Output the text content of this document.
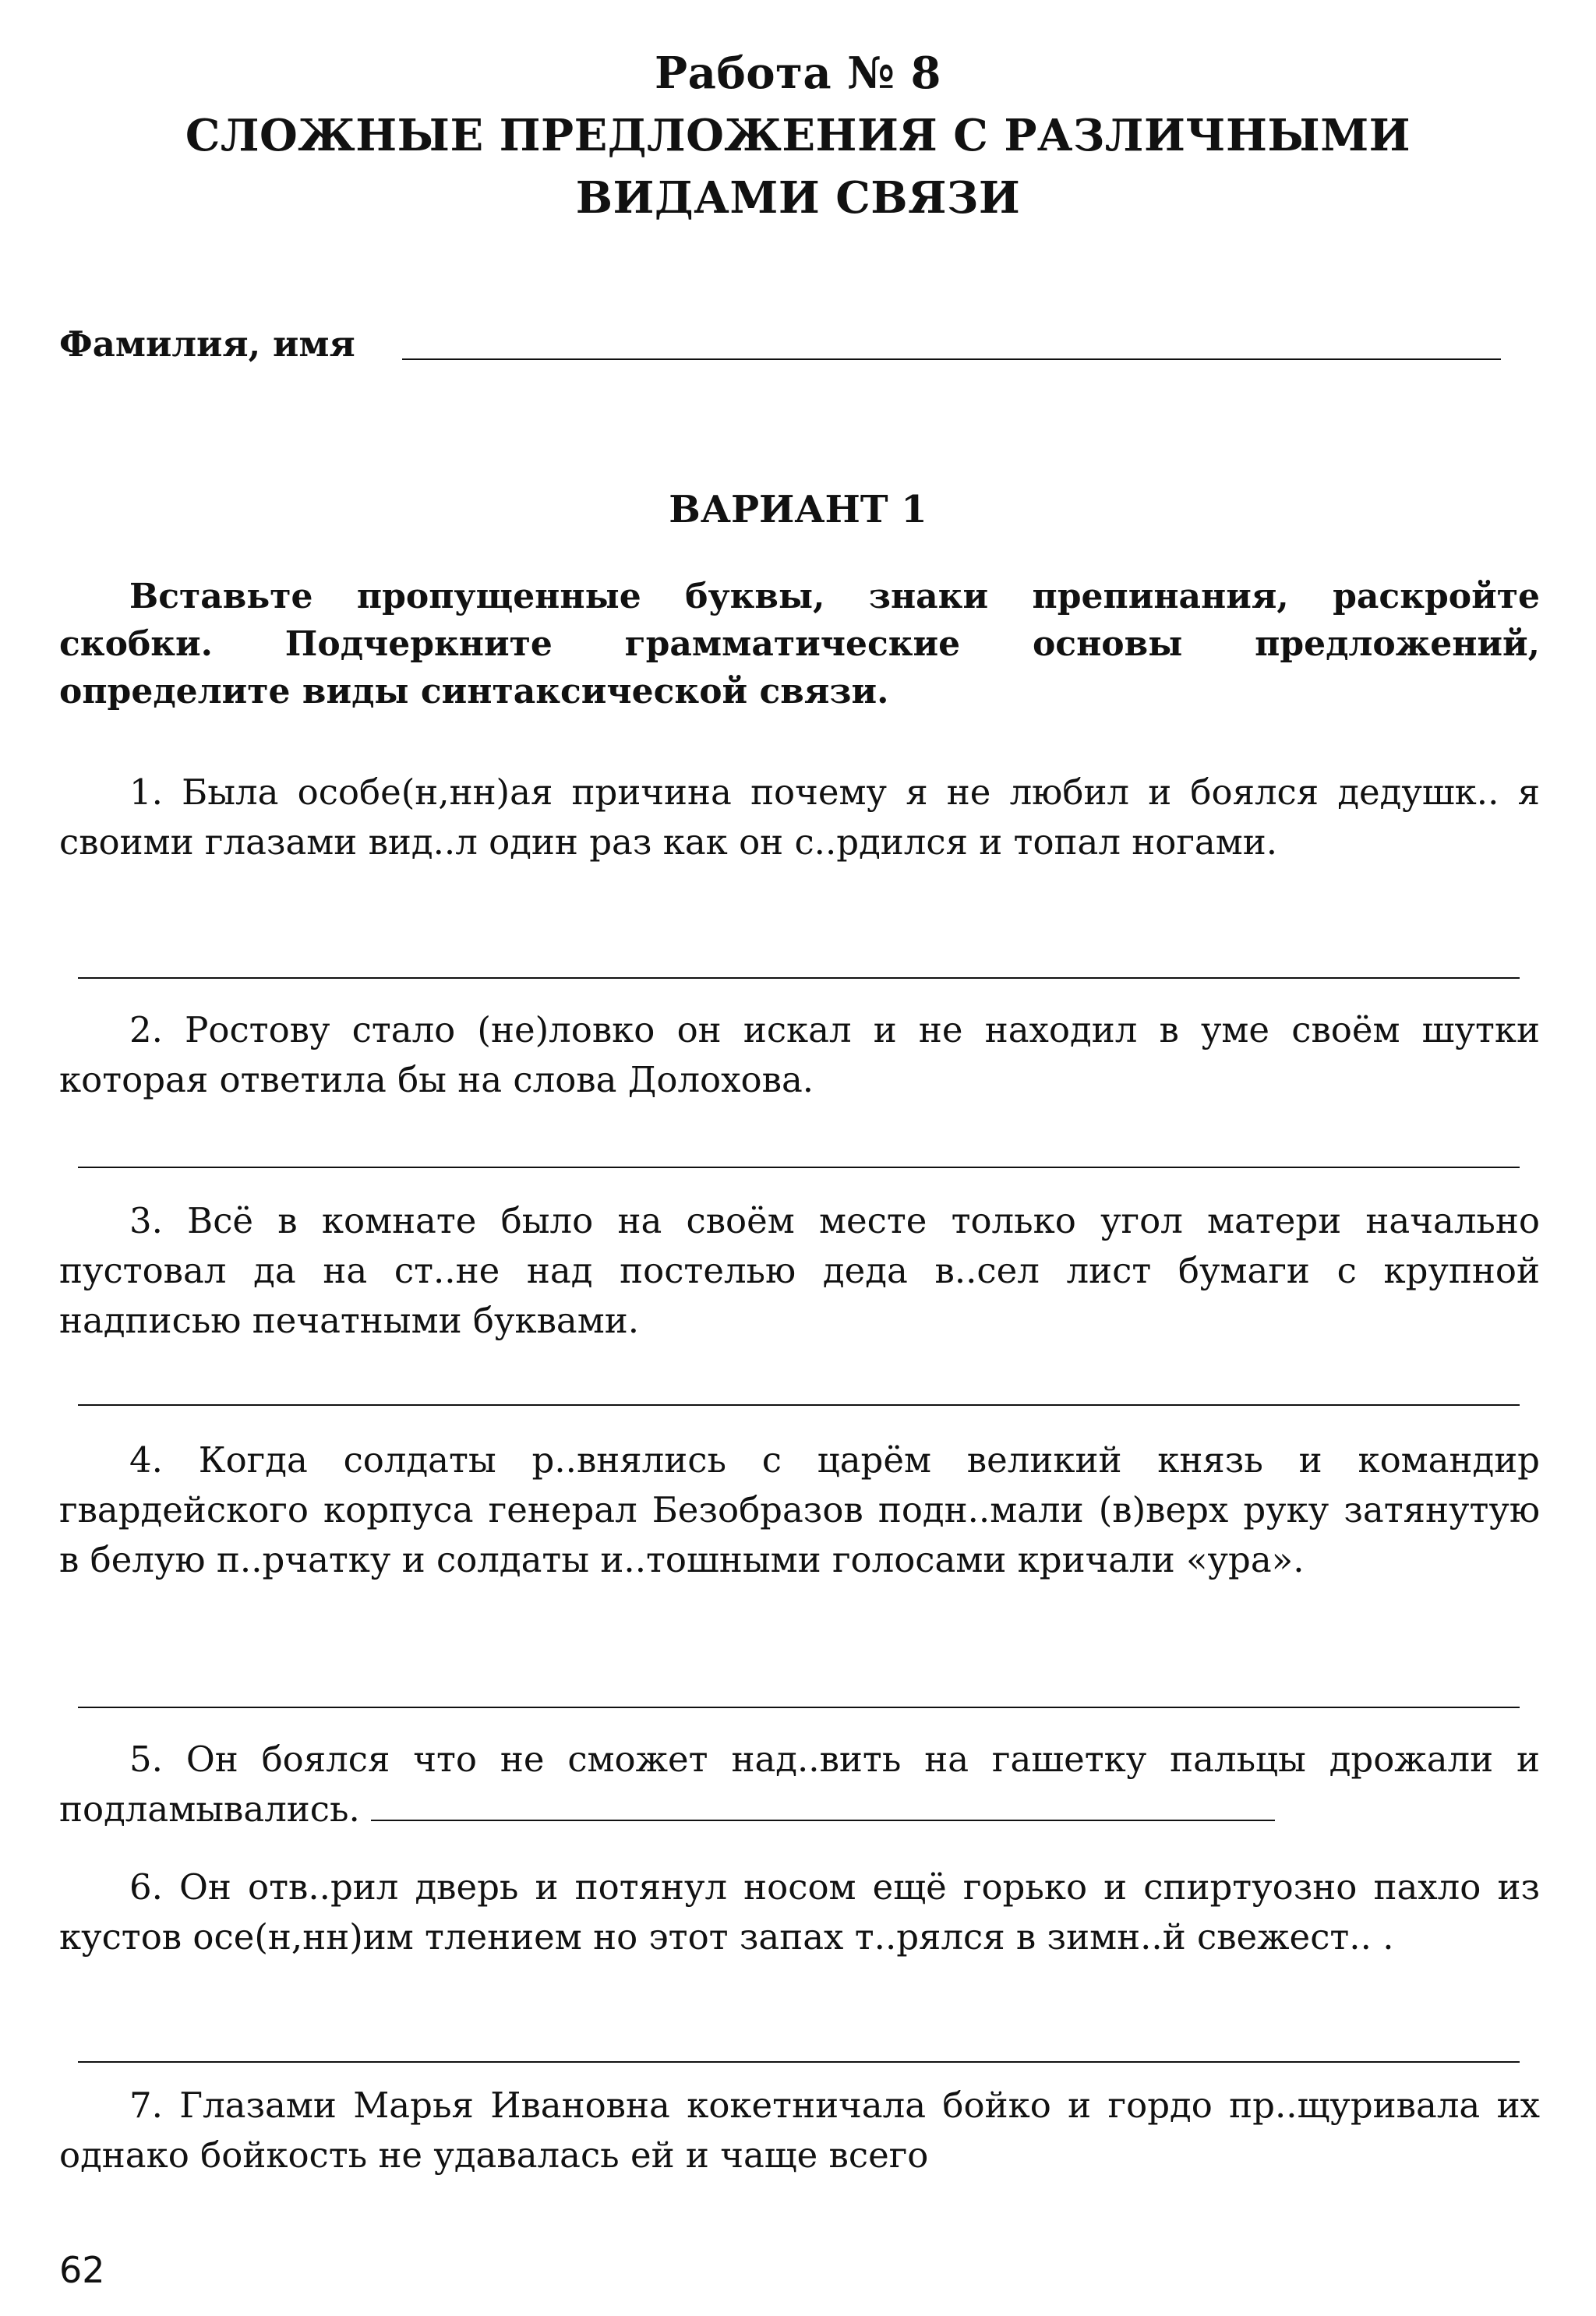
Работа № 8
СЛОЖНЫЕ ПРЕДЛОЖЕНИЯ С РАЗЛИЧНЫМИ
ВИДАМИ СВЯЗИ
Фамилия, имя
ВАРИАНТ 1
Вставьте пропущенные буквы, знаки препинания, раскройте скобки. Подчеркните грамматические основы предложений, определите виды синтаксической связи.
1. Была особе(н,нн)ая причина почему я не любил и боялся дедушк.. я своими глазами вид..л один раз как он с..рдился и топал ногами.
2. Ростову стало (не)ловко он искал и не находил в уме своём шутки которая ответила бы на слова Долохова.
3. Всё в комнате было на своём месте только угол матери начально пустовал да на ст..не над постелью деда в..сел лист бумаги с крупной надписью печатными буквами.
4. Когда солдаты р..внялись с царём великий князь и командир гвардейского корпуса генерал Безобразов подн..мали (в)верх руку затянутую в белую п..рчатку и солдаты и..тошными голосами кричали «ура».
5. Он боялся что не сможет над..вить на гашетку пальцы дрожали и подламывались.
6. Он отв..рил дверь и потянул носом ещё горько и спиртуозно пахло из кустов осе(н,нн)им тлением но этот запах т..рялся в зимн..й свежест.. .
7. Глазами Марья Ивановна кокетничала бойко и гордо пр..щуривала их однако бойкость не удавалась ей и чаще всего
62
